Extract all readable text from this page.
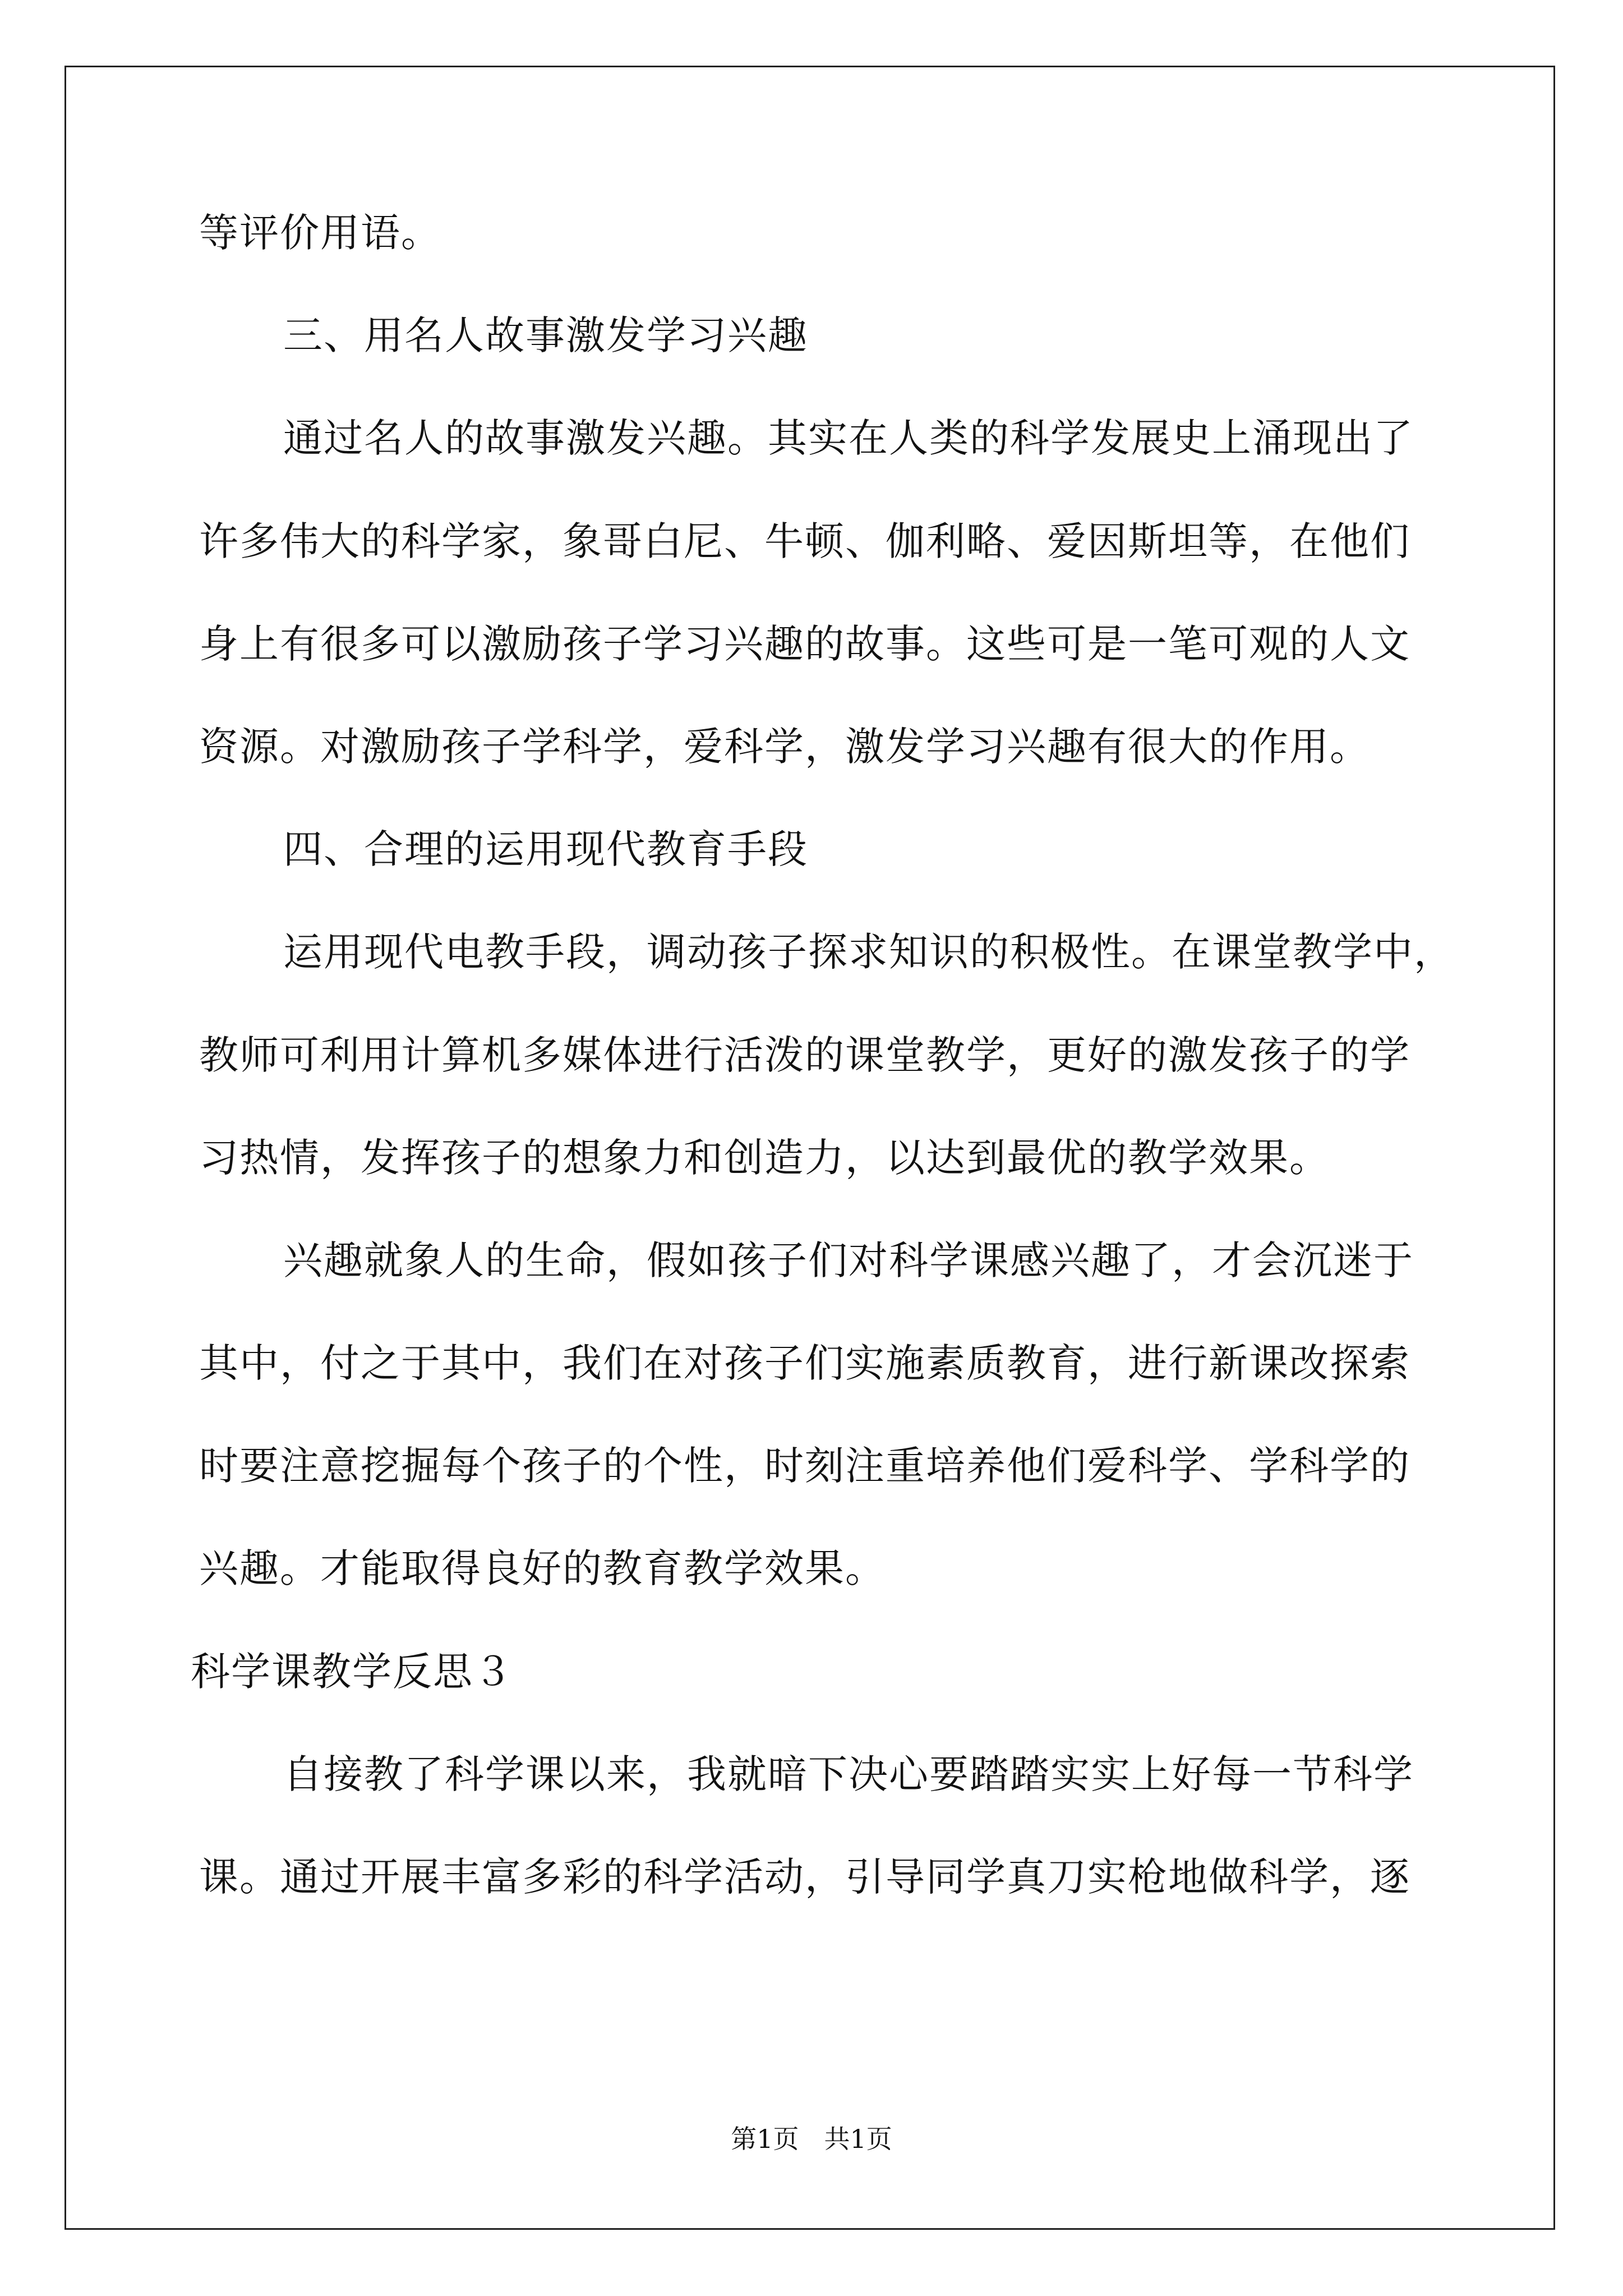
等评价用语。
三、用名人故事激发学习兴趣
通过名人的故事激发兴趣。其实在人类的科学发展史上涌现出了
许多伟大的科学家，象哥白尼、牛顿、伽利略、爱因斯坦等，在他们
身上有很多可以激励孩子学习兴趣的故事。这些可是一笔可观的人文
资源。对激励孩子学科学，爱科学，激发学习兴趣有很大的作用。
四、合理的运用现代教育手段
运用现代电教手段，调动孩子探求知识的积极性。在课堂教学中，
教师可利用计算机多媒体进行活泼的课堂教学，更好的激发孩子的学
习热情，发挥孩子的想象力和创造力，以达到最优的教学效果。
兴趣就象人的生命，假如孩子们对科学课感兴趣了，才会沉迷于
其中，付之于其中，我们在对孩子们实施素质教育，进行新课改探索
时要注意挖掘每个孩子的个性，时刻注重培养他们爱科学、学科学的
兴趣。才能取得良好的教育教学效果。
科学课教学反思３
自接教了科学课以来，我就暗下决心要踏踏实实上好每一节科学
课。通过开展丰富多彩的科学活动，引导同学真刀实枪地做科学，逐
第1页 共1页
